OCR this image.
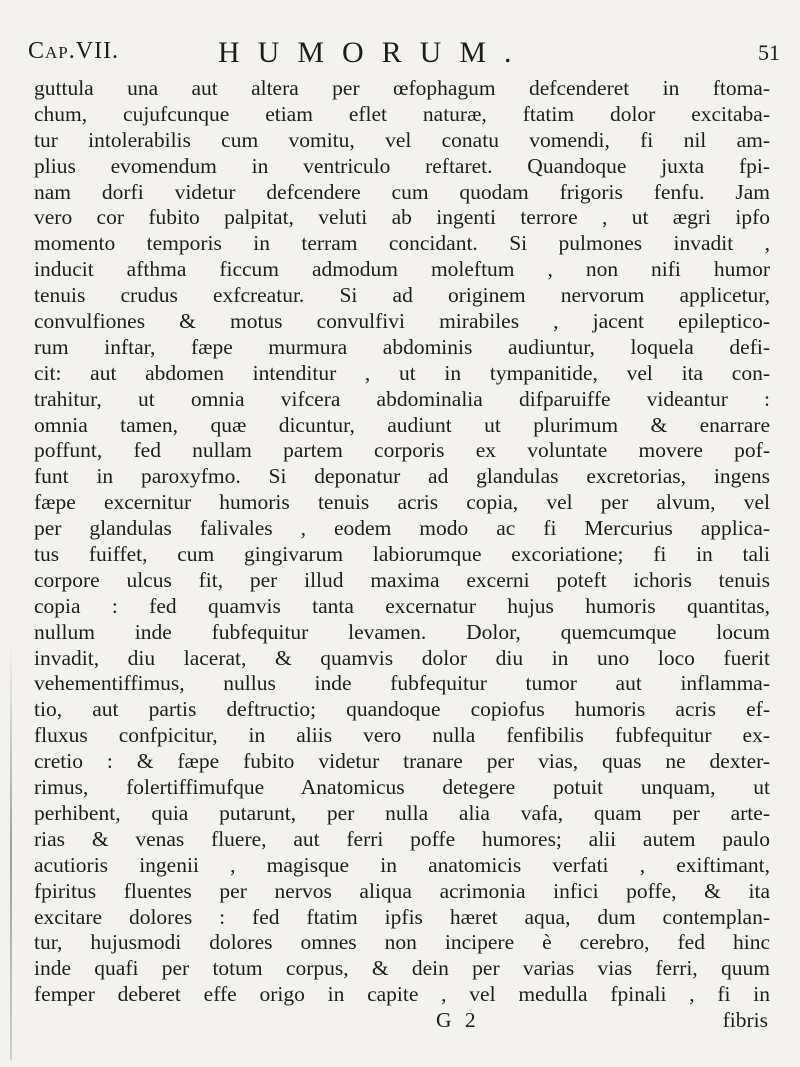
Cap.VII.	HUMORUM.	51
guttula una aut altera per œfophagum defcenderet in ftoma-
chum, cujufcunque etiam eflet naturæ, ftatim dolor excitaba-
tur intolerabilis cum vomitu, vel conatu vomendi, fi nil am-
plius evomendum in ventriculo reftaret. Quandoque juxta fpi-
nam dorfi videtur defcendere cum quodam frigoris fenfu. Jam
vero cor fubito palpitat, veluti ab ingenti terrore , ut ægri ipfo
momento temporis in terram concidant. Si pulmones invadit ,
inducit afthma ficcum admodum moleftum , non nifi humor
tenuis crudus exfcreatur. Si ad originem nervorum applicetur,
convulfiones & motus convulfivi mirabiles , jacent epileptico-
rum inftar, fæpe murmura abdominis audiuntur, loquela defi-
cit: aut abdomen intenditur , ut in tympanitide, vel ita con-
trahitur, ut omnia vifcera abdominalia difparuiffe videantur :
omnia tamen, quæ dicuntur, audiunt ut plurimum & enarrare
poffunt, fed nullam partem corporis ex voluntate movere pof-
funt in paroxyfmo. Si deponatur ad glandulas excretorias, ingens
fæpe excernitur humoris tenuis acris copia, vel per alvum, vel
per glandulas falivales , eodem modo ac fi Mercurius applica-
tus fuiffet, cum gingivarum labiorumque excoriatione; fi in tali
corpore ulcus fit, per illud maxima excerni poteft ichoris tenuis
copia : fed quamvis tanta excernatur hujus humoris quantitas,
nullum inde fubfequitur levamen. Dolor, quemcumque locum
invadit, diu lacerat, & quamvis dolor diu in uno loco fuerit
vehementiffimus, nullus inde fubfequitur tumor aut inflamma-
tio, aut partis deftructio; quandoque copiofus humoris acris ef-
fluxus confpicitur, in aliis vero nulla fenfibilis fubfequitur ex-
cretio : & fæpe fubito videtur tranare per vias, quas ne dexter-
rimus, folertiffimufque Anatomicus detegere potuit unquam, ut
perhibent, quia putarunt, per nulla alia vafa, quam per arte-
rias & venas fluere, aut ferri poffe humores; alii autem paulo
acutioris ingenii , magisque in anatomicis verfati , exiftimant,
fpiritus fluentes per nervos aliqua acrimonia infici poffe, & ita
excitare dolores : fed ftatim ipfis hæret aqua, dum contemplan-
tur, hujusmodi dolores omnes non incipere è cerebro, fed hinc
inde quafi per totum corpus, & dein per varias vias ferri, quum
femper deberet effe origo in capite , vel medulla fpinali , fi in
G 2	fibris
